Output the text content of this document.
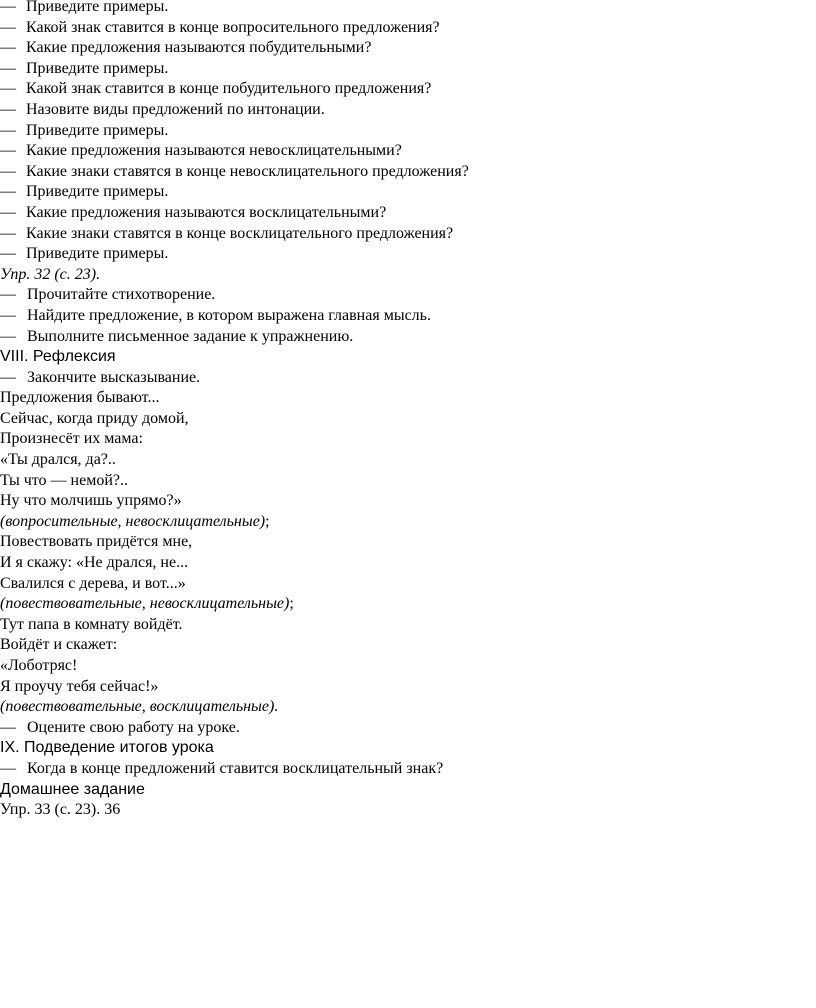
— Приведите примеры.
— Какой знак ставится в конце вопросительного предложения?
— Какие предложения называются побудительными?
— Приведите примеры.
— Какой знак ставится в конце побудительного предложения?
— Назовите виды предложений по интонации.
— Приведите примеры.
— Какие предложения называются невосклицательными?
— Какие знаки ставятся в конце невосклицательного предложения?
— Приведите примеры.
— Какие предложения называются восклицательными?
— Какие знаки ставятся в конце восклицательного предложения?
— Приведите примеры.
Упр. 32 (с. 23).
— Прочитайте стихотворение.
— Найдите предложение, в котором выражена главная мысль.
— Выполните письменное задание к упражнению.
VIII. Рефлексия
— Закончите высказывание.
Предложения бывают...
Сейчас, когда приду домой,
Произнесёт их мама:
«Ты дрался, да?..
Ты что — немой?..
Ну что молчишь упрямо?»
(вопросительные, невосклицательные);
Повествовать придётся мне,
И я скажу: «Не дрался, не...
Свалился с дерева, и вот...»
(повествовательные, невосклицательные);
Тут папа в комнату войдёт.
Войдёт и скажет:
«Лоботряс!
Я проучу тебя сейчас!»
(повествовательные, восклицательные).
— Оцените свою работу на уроке.
IX. Подведение итогов урока
— Когда в конце предложений ставится восклицательный знак?
Домашнее задание
Упр. 33 (с. 23). 36
